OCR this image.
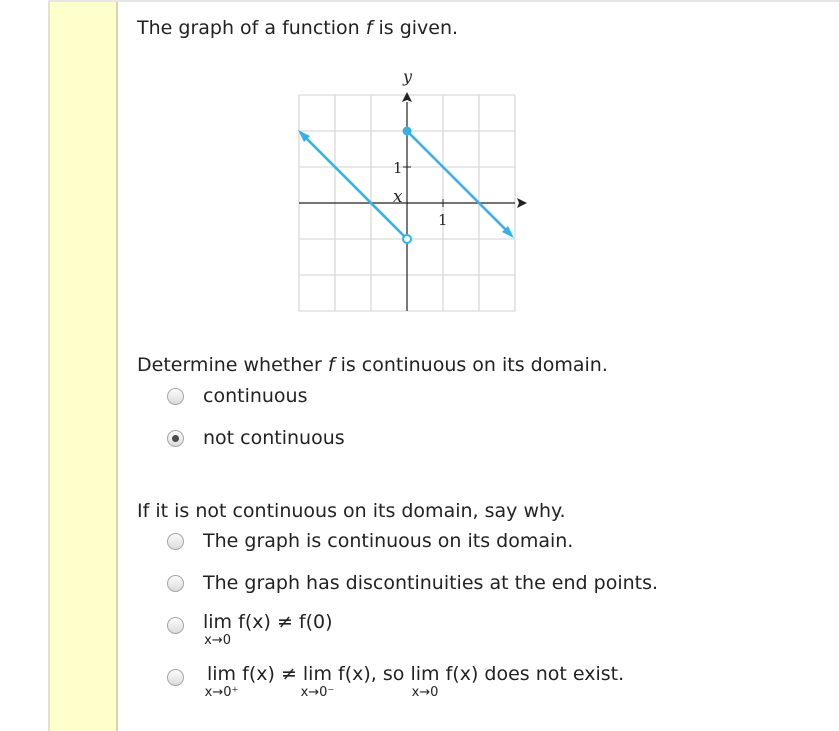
The graph of a function f is given.
x
y
1
1
Determine whether f is continuous on its domain.
continuous
not continuous
If it is not continuous on its domain, say why.
The graph is continuous on its domain.
The graph has discontinuities at the end points.
lim
x→0
f(x) ≠ f(0)
lim
x→0⁺
f(x) ≠ lim
x→0⁻
f(x), so lim
x→0
f(x) does not exist.
